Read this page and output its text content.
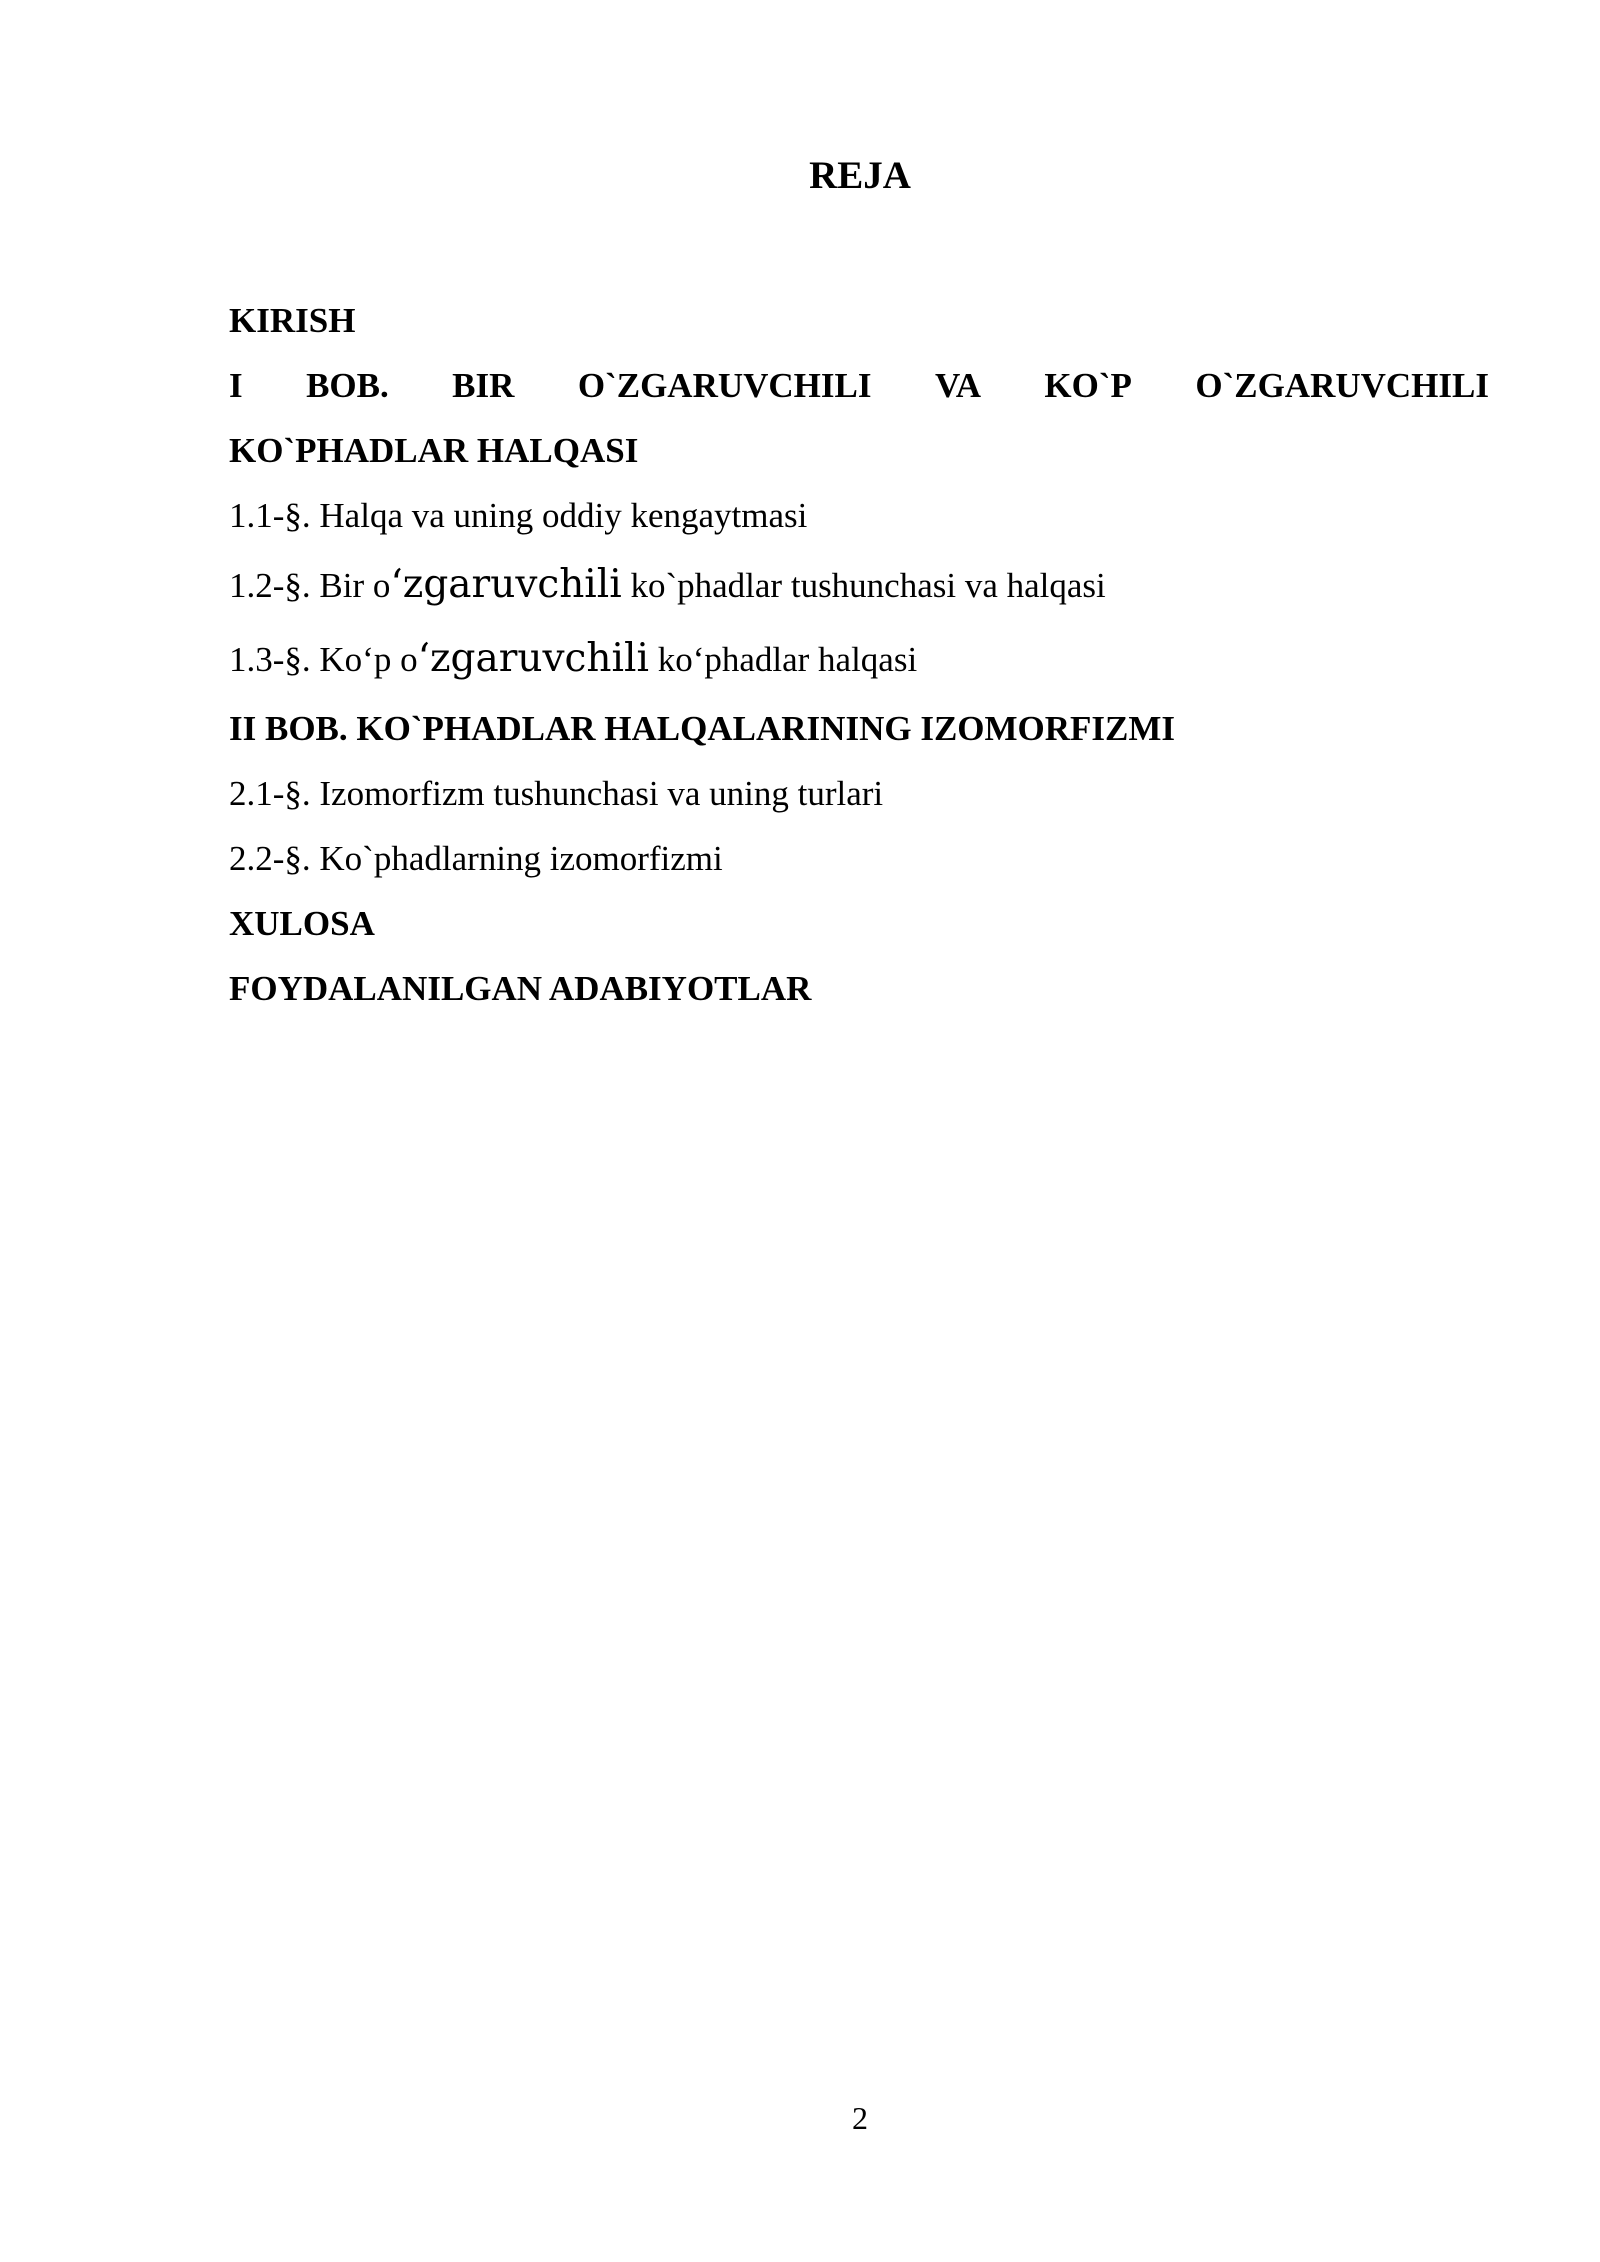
REJA
KIRISH
I BOB. BIR O`ZGARUVCHILI VA KO`P O`ZGARUVCHILI
KO`PHADLAR HALQASI
1.1-§. Halqa va uning oddiy kengaytmasi
1.2-§. Bir o‘zgaruvchili ko`phadlar tushunchasi va halqasi
1.3-§. Ko‘p o‘zgaruvchili ko‘phadlar halqasi
II BOB. KO`PHADLAR HALQALARINING IZOMORFIZMI
2.1-§. Izomorfizm tushunchasi va uning turlari
2.2-§. Ko`phadlarning izomorfizmi
XULOSA
FOYDALANILGAN ADABIYOTLAR
2
